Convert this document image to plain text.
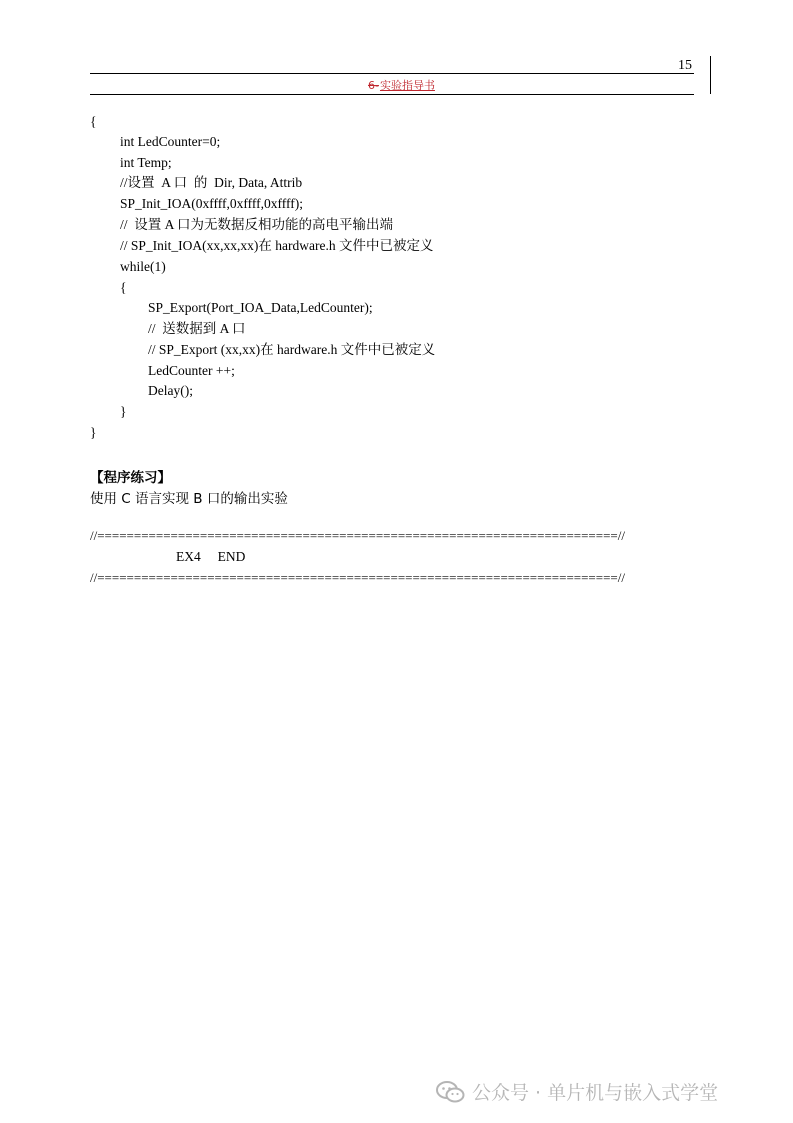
15
6-实验指导书
{
int LedCounter=0;
int Temp;
//设置  A 口  的  Dir, Data, Attrib
SP_Init_IOA(0xffff,0xffff,0xffff);
//  设置 A 口为无数据反相功能的高电平输出端
// SP_Init_IOA(xx,xx,xx)在 hardware.h 文件中已被定义
while(1)
{
SP_Export(Port_IOA_Data,LedCounter);
//  送数据到 A 口
// SP_Export (xx,xx)在 hardware.h 文件中已被定义
LedCounter ++;
Delay();
}
}
【程序练习】
使用 C 语言实现 B 口的输出实验
//=======================================================================//
EX4     END
//=======================================================================//
公众号 · 单片机与嵌入式学堂
